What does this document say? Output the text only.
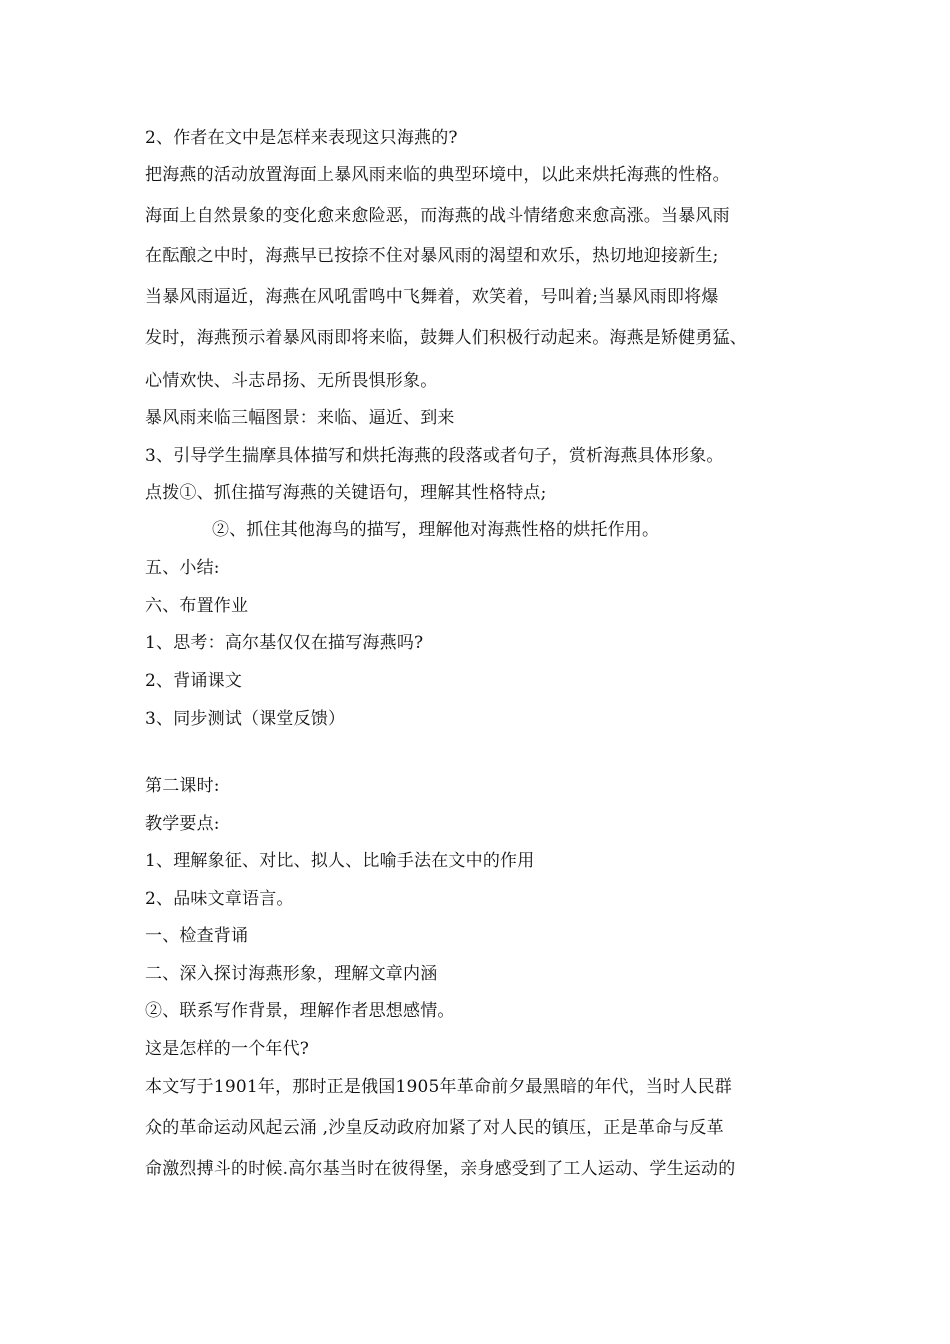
2、作者在文中是怎样来表现这只海燕的?
把海燕的活动放置海面上暴风雨来临的典型环境中，以此来烘托海燕的性格。
海面上自然景象的变化愈来愈险恶，而海燕的战斗情绪愈来愈高涨。当暴风雨
在酝酿之中时，海燕早已按捺不住对暴风雨的渴望和欢乐，热切地迎接新生;
当暴风雨逼近，海燕在风吼雷鸣中飞舞着，欢笑着，号叫着;当暴风雨即将爆
发时，海燕预示着暴风雨即将来临，鼓舞人们积极行动起来。海燕是矫健勇猛、
心情欢快、斗志昂扬、无所畏惧形象。
暴风雨来临三幅图景：来临、逼近、到来
3、引导学生揣摩具体描写和烘托海燕的段落或者句子，赏析海燕具体形象。
点拨①、抓住描写海燕的关键语句，理解其性格特点;
②、抓住其他海鸟的描写，理解他对海燕性格的烘托作用。
五、小结:
六、布置作业
1、思考：高尔基仅仅在描写海燕吗?
2、背诵课文
3、同步测试（课堂反馈）
第二课时:
教学要点:
1、理解象征、对比、拟人、比喻手法在文中的作用
2、品味文章语言。
一、检查背诵
二、深入探讨海燕形象，理解文章内涵
②、联系写作背景，理解作者思想感情。
这是怎样的一个年代?
本文写于1901年，那时正是俄国1905年革命前夕最黑暗的年代，当时人民群
众的革命运动风起云涌 ,沙皇反动政府加紧了对人民的镇压，正是革命与反革
命激烈搏斗的时候.高尔基当时在彼得堡，亲身感受到了工人运动、学生运动的
